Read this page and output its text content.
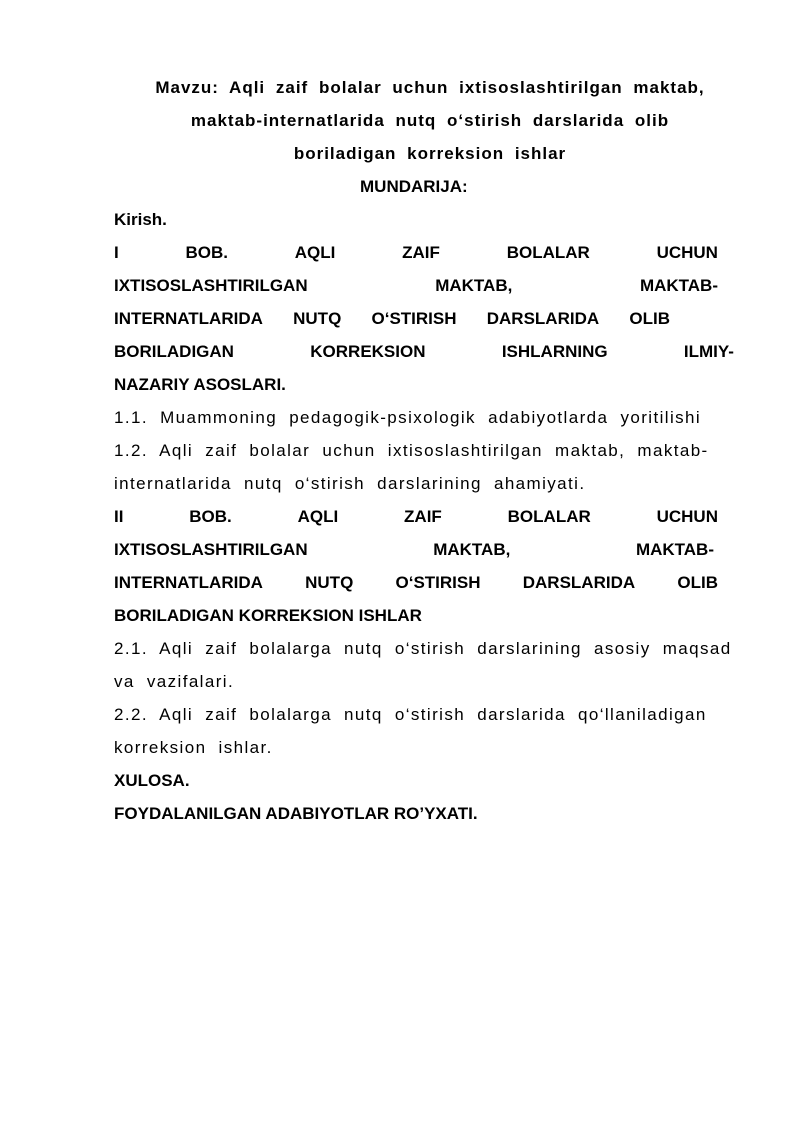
Mavzu: Aqli zaif bolalar uchun ixtisoslashtirilgan maktab,
maktab-internatlarida nutq o‘stirish darslarida olib
boriladigan korreksion ishlar
MUNDARIJA:
Kirish.
I	BOB.	AQLI	ZAIF	BOLALAR	UCHUN
IXTISOSLASHTIRILGAN	MAKTAB,	MAKTAB-
INTERNATLARIDA NUTQ O‘STIRISH DARSLARIDA OLIB
BORILADIGAN	KORREKSION	ISHLARNING	ILMIY-
NAZARIY ASOSLARI.
1.1. Muammoning pedagogik-psixologik adabiyotlarda yoritilishi
1.2. Aqli zaif bolalar uchun ixtisoslashtirilgan maktab, maktab-
internatlarida nutq o‘stirish darslarining ahamiyati.
II	BOB.	AQLI	ZAIF	BOLALAR	UCHUN
IXTISOSLASHTIRILGAN	MAKTAB,	MAKTAB-
INTERNATLARIDA NUTQ O‘STIRISH DARSLARIDA OLIB
BORILADIGAN KORREKSION ISHLAR
2.1. Aqli zaif bolalarga nutq o‘stirish darslarining asosiy maqsad
va vazifalari.
2.2. Aqli zaif bolalarga nutq o‘stirish darslarida qo‘llaniladigan
korreksion ishlar.
XULOSA.
FOYDALANILGAN ADABIYOTLAR RO’YXATI.
